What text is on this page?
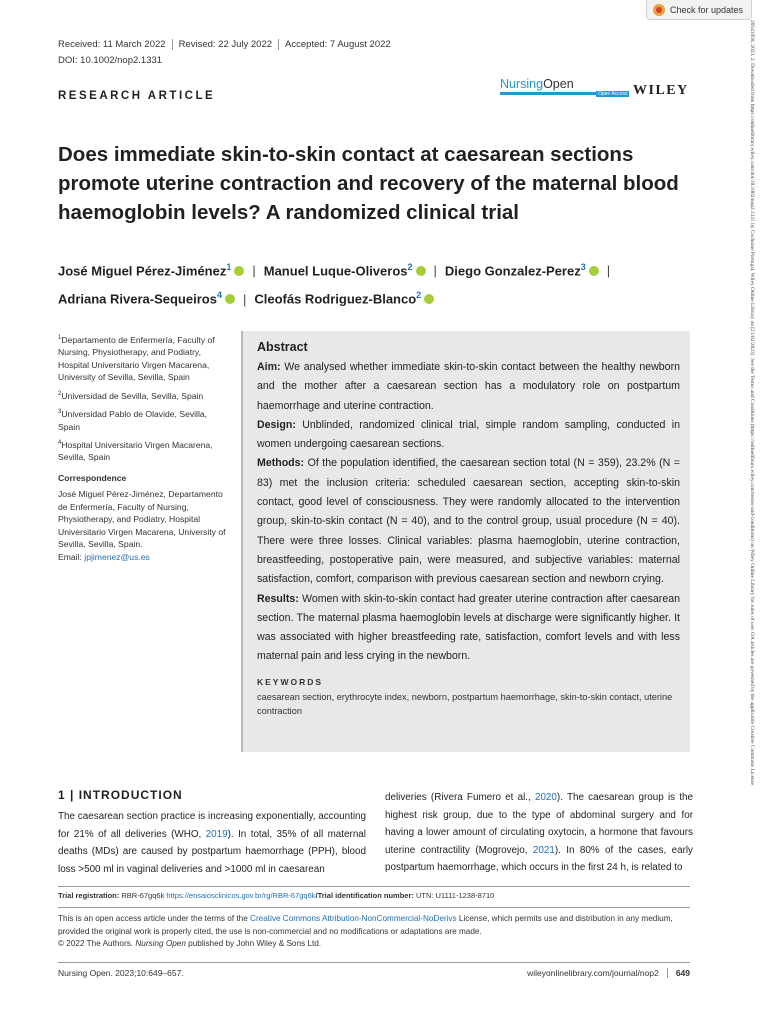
Check for updates
Received: 11 March 2022	Revised: 22 July 2022	Accepted: 7 August 2022
DOI: 10.1002/nop2.1331
RESEARCH ARTICLE
NursingOpen
Open Access WILEY
Does immediate skin-to-skin contact at caesarean sections promote uterine contraction and recovery of the maternal blood haemoglobin levels? A randomized clinical trial
José Miguel Pérez-Jiménez$^1$ | Manuel Luque-Oliveros$^2$ | Diego Gonzalez-Perez$^3$ |
Adriana Rivera-Sequeiros$^4$ | Cleofás Rodriguez-Blanco$^2$

$^1$Departamento de Enfermería, Faculty of Nursing, Physiotherapy, and Podiatry, Hospital Universitario Virgen Macarena, University of Sevilla, Sevilla, Spain

$^2$Universidad de Sevilla, Sevilla, Spain

$^3$Universidad Pablo de Olavide, Sevilla, Spain

$^4$Hospital Universitario Virgen Macarena, Sevilla, Spain

Correspondence

José Miguel Pérez-Jiménez, Departamento de Enfermería, Faculty of Nursing, Physiotherapy, and Podiatry, Hospital Universitario Virgen Macarena, University of Sevilla, Sevilla, Spain.
Email: jpjimenez@us.es

Abstract

Aim: We analysed whether immediate skin-to-skin contact between the healthy newborn and the mother after a caesarean section has a modulatory role on postpartum haemorrhage and uterine contraction.

Design: Unblinded, randomized clinical trial, simple random sampling, conducted in women undergoing caesarean sections.

Methods: Of the population identified, the caesarean section total (N = 359), 23.2% (N = 83) met the inclusion criteria: scheduled caesarean section, accepting skin-to-skin contact, good level of consciousness. They were randomly allocated to the intervention group, skin-to-skin contact (N = 40), and to the control group, usual procedure (N = 40). There were three losses. Clinical variables: plasma haemoglobin, uterine contraction, breastfeeding, postoperative pain, were measured, and subjective variables: maternal satisfaction, comfort, comparison with previous caesarean section and newborn crying.

Results: Women with skin-to-skin contact had greater uterine contraction after caesarean section. The maternal plasma haemoglobin levels at discharge were significantly higher. It was associated with higher breastfeeding rate, satisfaction, comfort levels and with less maternal pain and less crying in the newborn.

KEYWORDS
caesarean section, erythrocyte index, newborn, postpartum haemorrhage, skin-to-skin contact, uterine contraction
1 | INTRODUCTION

The caesarean section practice is increasing exponentially, accounting for 21% of all deliveries (WHO, 2019). In total, 35% of all maternal deaths (MDs) are caused by postpartum haemorrhage (PPH), blood loss >500 ml in vaginal deliveries and >1000 ml in caesarean

deliveries (Rivera Fumero et al., 2020). The caesarean group is the highest risk group, due to the type of abdominal surgery and for having a lower amount of circulating oxytocin, a hormone that favours uterine contractility (Mogrovejo, 2021). In 80% of the cases, early postpartum haemorrhage, which occurs in the first 24 h, is related to

Trial registration: RBR-67gq6k https://ensaiosclinicos.gov.br/rg/RBR-67gq6k/Trial identification number: UTN: U1111-1238-8710

This is an open access article under the terms of the Creative Commons Attribution-NonCommercial-NoDerivs License, which permits use and distribution in any medium, provided the original work is properly cited, the use is non-commercial and no modifications or adaptations are made.
© 2022 The Authors. Nursing Open published by John Wiley & Sons Ltd.

Nursing Open. 2023;10:649–657.	wileyonlinelibrary.com/journal/nop2	649
20541058, 2023, 2, Downloaded from https://onlinelibrary.wiley.com/doi/10.1002/nop2.1331 by Cochrane Portugal, Wiley Online Library on [21/02/2023]. See the Terms and Conditions (https://onlinelibrary.wiley.com/terms-and-conditions) on Wiley Online Library for rules of use; OA articles are governed by the applicable Creative Commons License
